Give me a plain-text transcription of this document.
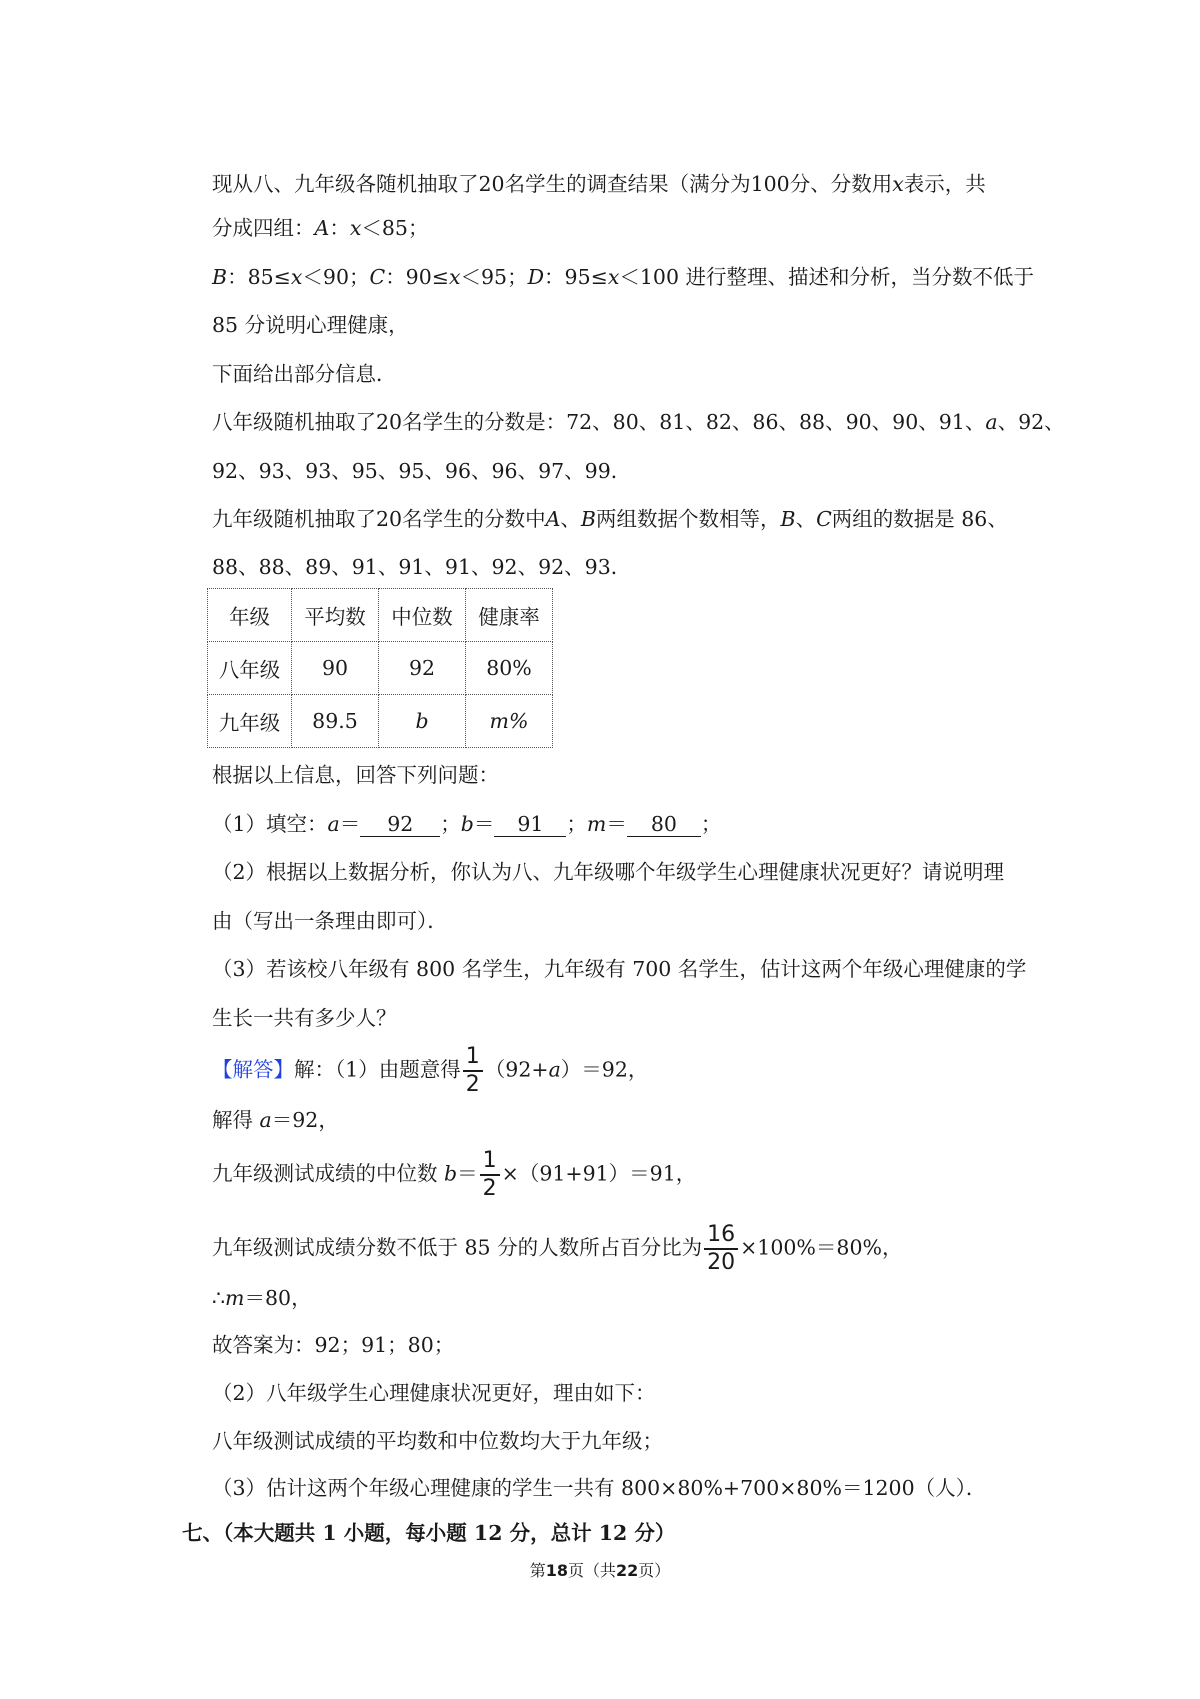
现从八、九年级各随机抽取了20名学生的调查结果（满分为100分、分数用x表示，共
分成四组：A：x＜85；
B：85≤x＜90；C：90≤x＜95；D：95≤x＜100 进行整理、描述和分析，当分数不低于
85 分说明心理健康，
下面给出部分信息．
八年级随机抽取了20名学生的分数是：72、80、81、82、86、88、90、90、91、a、92、
92、93、93、95、95、96、96、97、99．
九年级随机抽取了20名学生的分数中A、B两组数据个数相等，B、C两组的数据是 86、
88、88、89、91、91、91、92、92、93．
年级	平均数	中位数	健康率
八年级	90	92	80%
九年级	89.5	b	m%
根据以上信息，回答下列问题：
（1）填空：a＝ 92 ；b＝ 91 ；m＝ 80 ；
（2）根据以上数据分析，你认为八、九年级哪个年级学生心理健康状况更好？请说明理
由（写出一条理由即可）．
（3）若该校八年级有 800 名学生，九年级有 700 名学生，估计这两个年级心理健康的学
生长一共有多少人？
【解答】解：（1）由题意得 $\frac{1}{2} (92+a)=92$，
解得 a＝92，
九年级测试成绩的中位数 $b= \frac{1}{2} \times(91+91)=91$，
九年级测试成绩分数不低于 85 分的人数所占百分比为 $\frac{16}{20} \times 100\%=80\%$，
∴m＝80，
故答案为：92；91；80；
（2）八年级学生心理健康状况更好，理由如下：
八年级测试成绩的平均数和中位数均大于九年级；
（3）估计这两个年级心理健康的学生一共有 800×80%+700×80%＝1200（人）．
七、（本大题共 1 小题，每小题 12 分，总计 12 分）
第18页（共22页）
